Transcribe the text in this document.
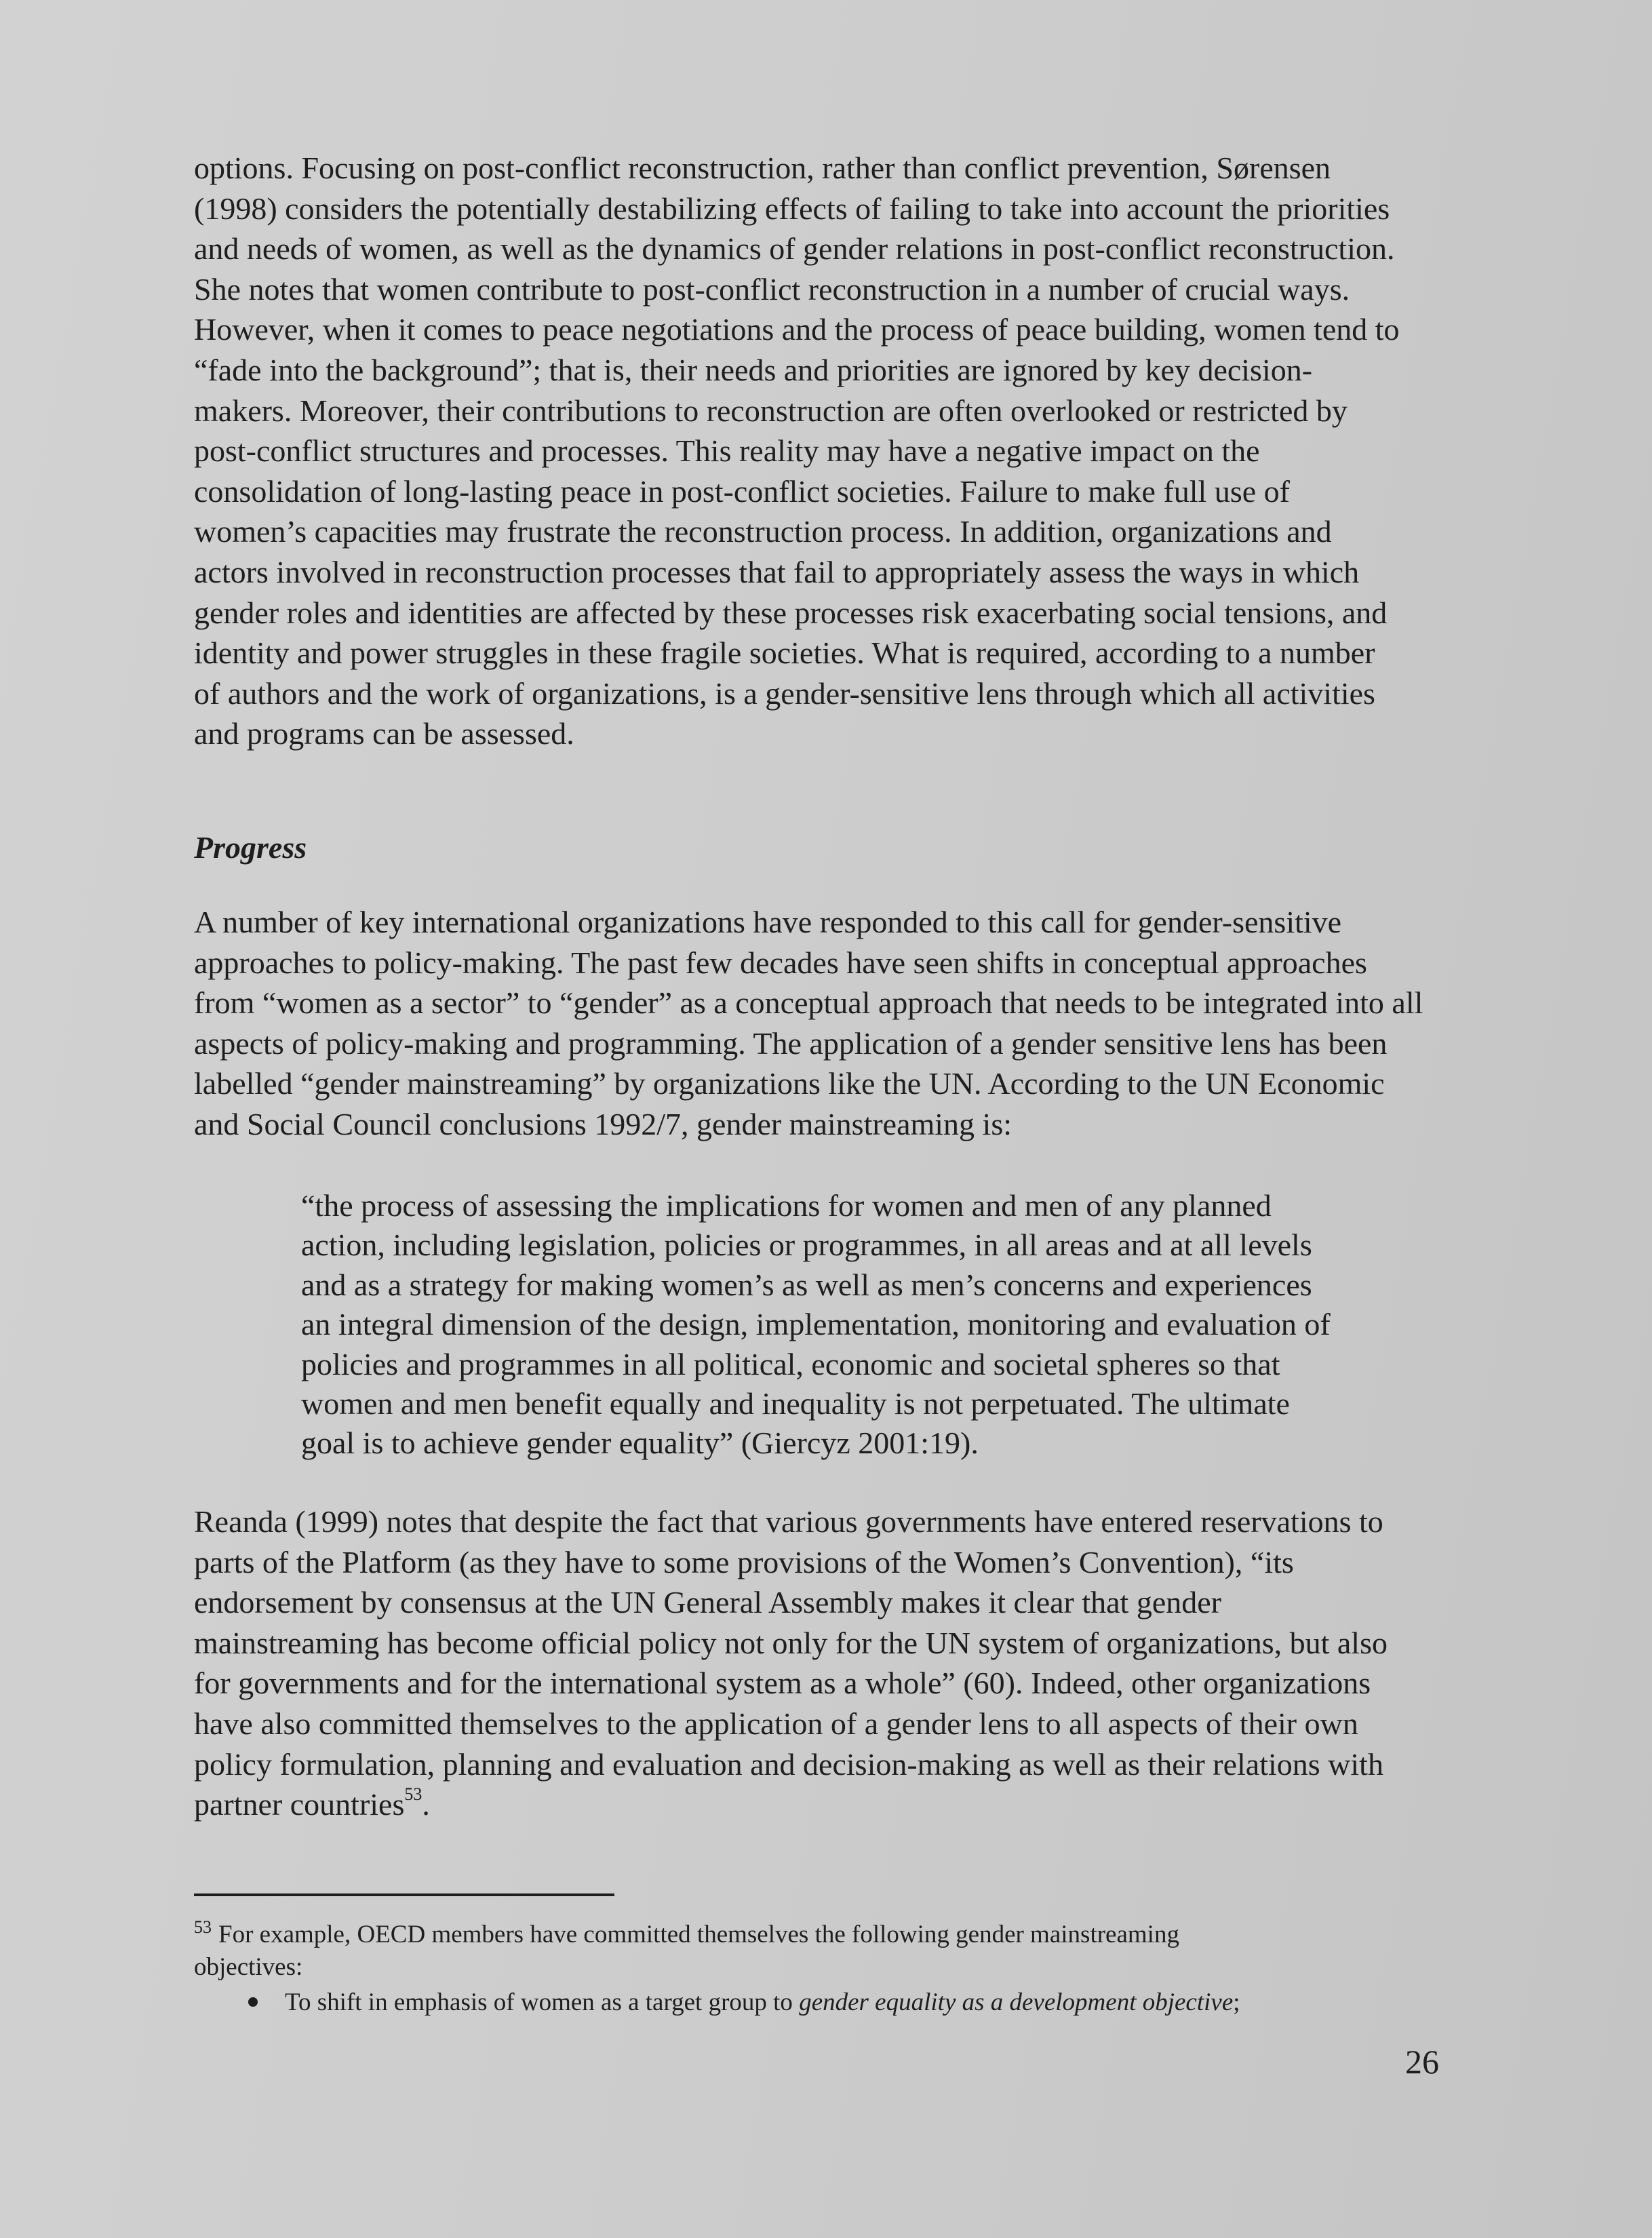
options. Focusing on post-conflict reconstruction, rather than conflict prevention, Sørensen
(1998) considers the potentially destabilizing effects of failing to take into account the priorities
and needs of women, as well as the dynamics of gender relations in post-conflict reconstruction.
She notes that women contribute to post-conflict reconstruction in a number of crucial ways.
However, when it comes to peace negotiations and the process of peace building, women tend to
“fade into the background”; that is, their needs and priorities are ignored by key decision-
makers. Moreover, their contributions to reconstruction are often overlooked or restricted by
post-conflict structures and processes. This reality may have a negative impact on the
consolidation of long-lasting peace in post-conflict societies. Failure to make full use of
women’s capacities may frustrate the reconstruction process. In addition, organizations and
actors involved in reconstruction processes that fail to appropriately assess the ways in which
gender roles and identities are affected by these processes risk exacerbating social tensions, and
identity and power struggles in these fragile societies. What is required, according to a number
of authors and the work of organizations, is a gender-sensitive lens through which all activities
and programs can be assessed.
Progress
A number of key international organizations have responded to this call for gender-sensitive
approaches to policy-making. The past few decades have seen shifts in conceptual approaches
from “women as a sector” to “gender” as a conceptual approach that needs to be integrated into all
aspects of policy-making and programming. The application of a gender sensitive lens has been
labelled “gender mainstreaming” by organizations like the UN. According to the UN Economic
and Social Council conclusions 1992/7, gender mainstreaming is:
“the process of assessing the implications for women and men of any planned
action, including legislation, policies or programmes, in all areas and at all levels
and as a strategy for making women’s as well as men’s concerns and experiences
an integral dimension of the design, implementation, monitoring and evaluation of
policies and programmes in all political, economic and societal spheres so that
women and men benefit equally and inequality is not perpetuated. The ultimate
goal is to achieve gender equality” (Giercyz 2001:19).
Reanda (1999) notes that despite the fact that various governments have entered reservations to
parts of the Platform (as they have to some provisions of the Women’s Convention), “its
endorsement by consensus at the UN General Assembly makes it clear that gender
mainstreaming has become official policy not only for the UN system of organizations, but also
for governments and for the international system as a whole” (60). Indeed, other organizations
have also committed themselves to the application of a gender lens to all aspects of their own
policy formulation, planning and evaluation and decision-making as well as their relations with
partner countries$^{53}$.
$^{53}$ For example, OECD members have committed themselves the following gender mainstreaming
objectives:
To shift in emphasis of women as a target group to gender equality as a development objective;
26
